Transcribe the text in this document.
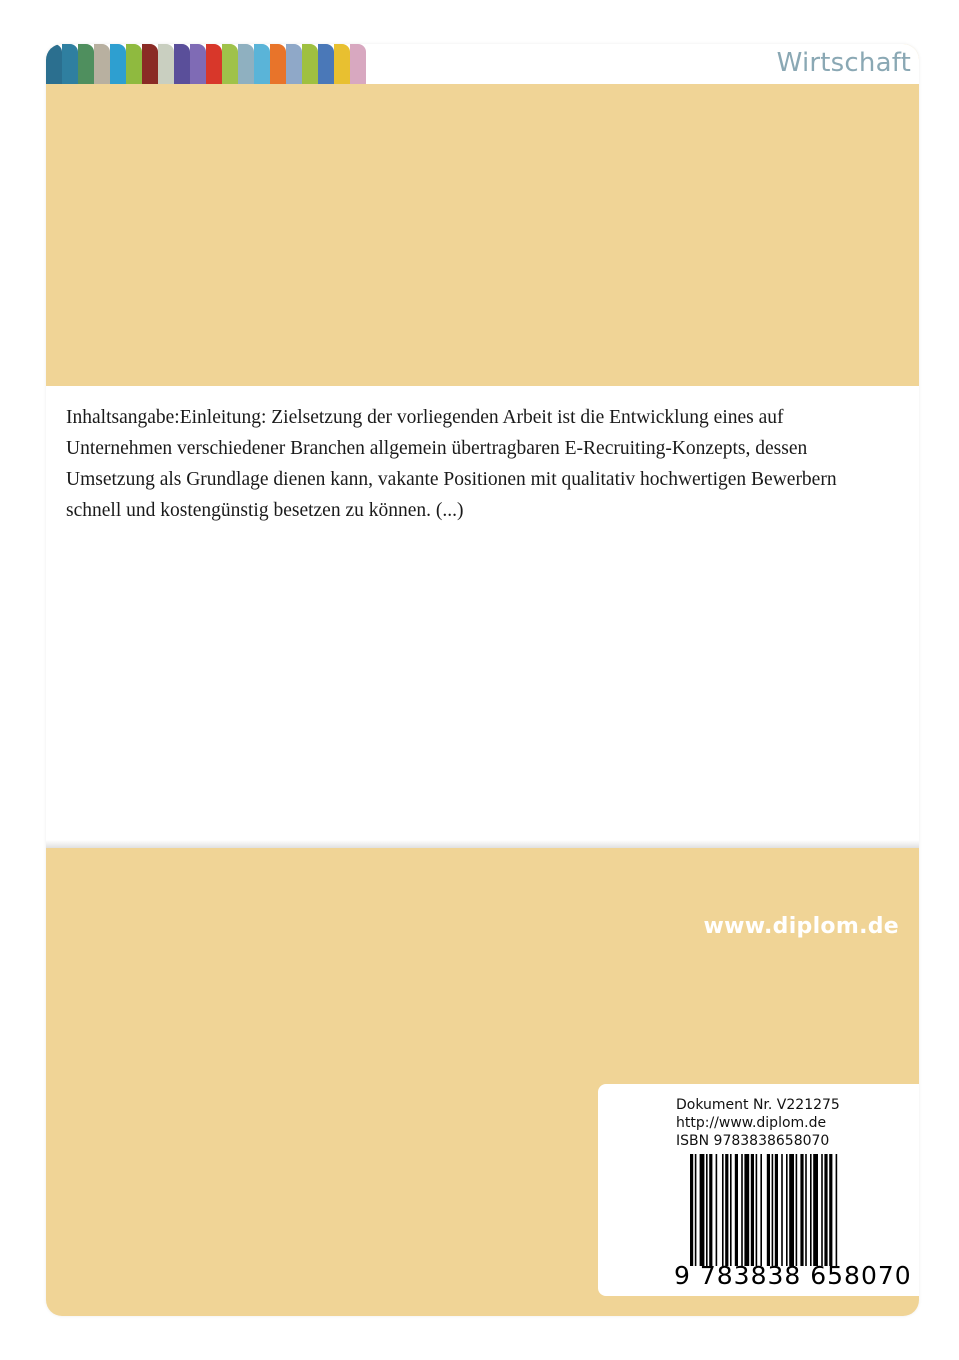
Wirtschaft

Inhaltsangabe:Einleitung: Zielsetzung der vorliegenden Arbeit ist die Entwicklung eines auf Unternehmen verschiedener Branchen allgemein übertragbaren E-Recruiting-Konzepts, dessen Umsetzung als Grundlage dienen kann, vakante Positionen mit qualitativ hochwertigen Bewerbern schnell und kostengünstig besetzen zu können. (...)

www.diplom.de
Dokument Nr. V221275
http://www.diplom.de
ISBN 9783838658070
9 783838 658070
